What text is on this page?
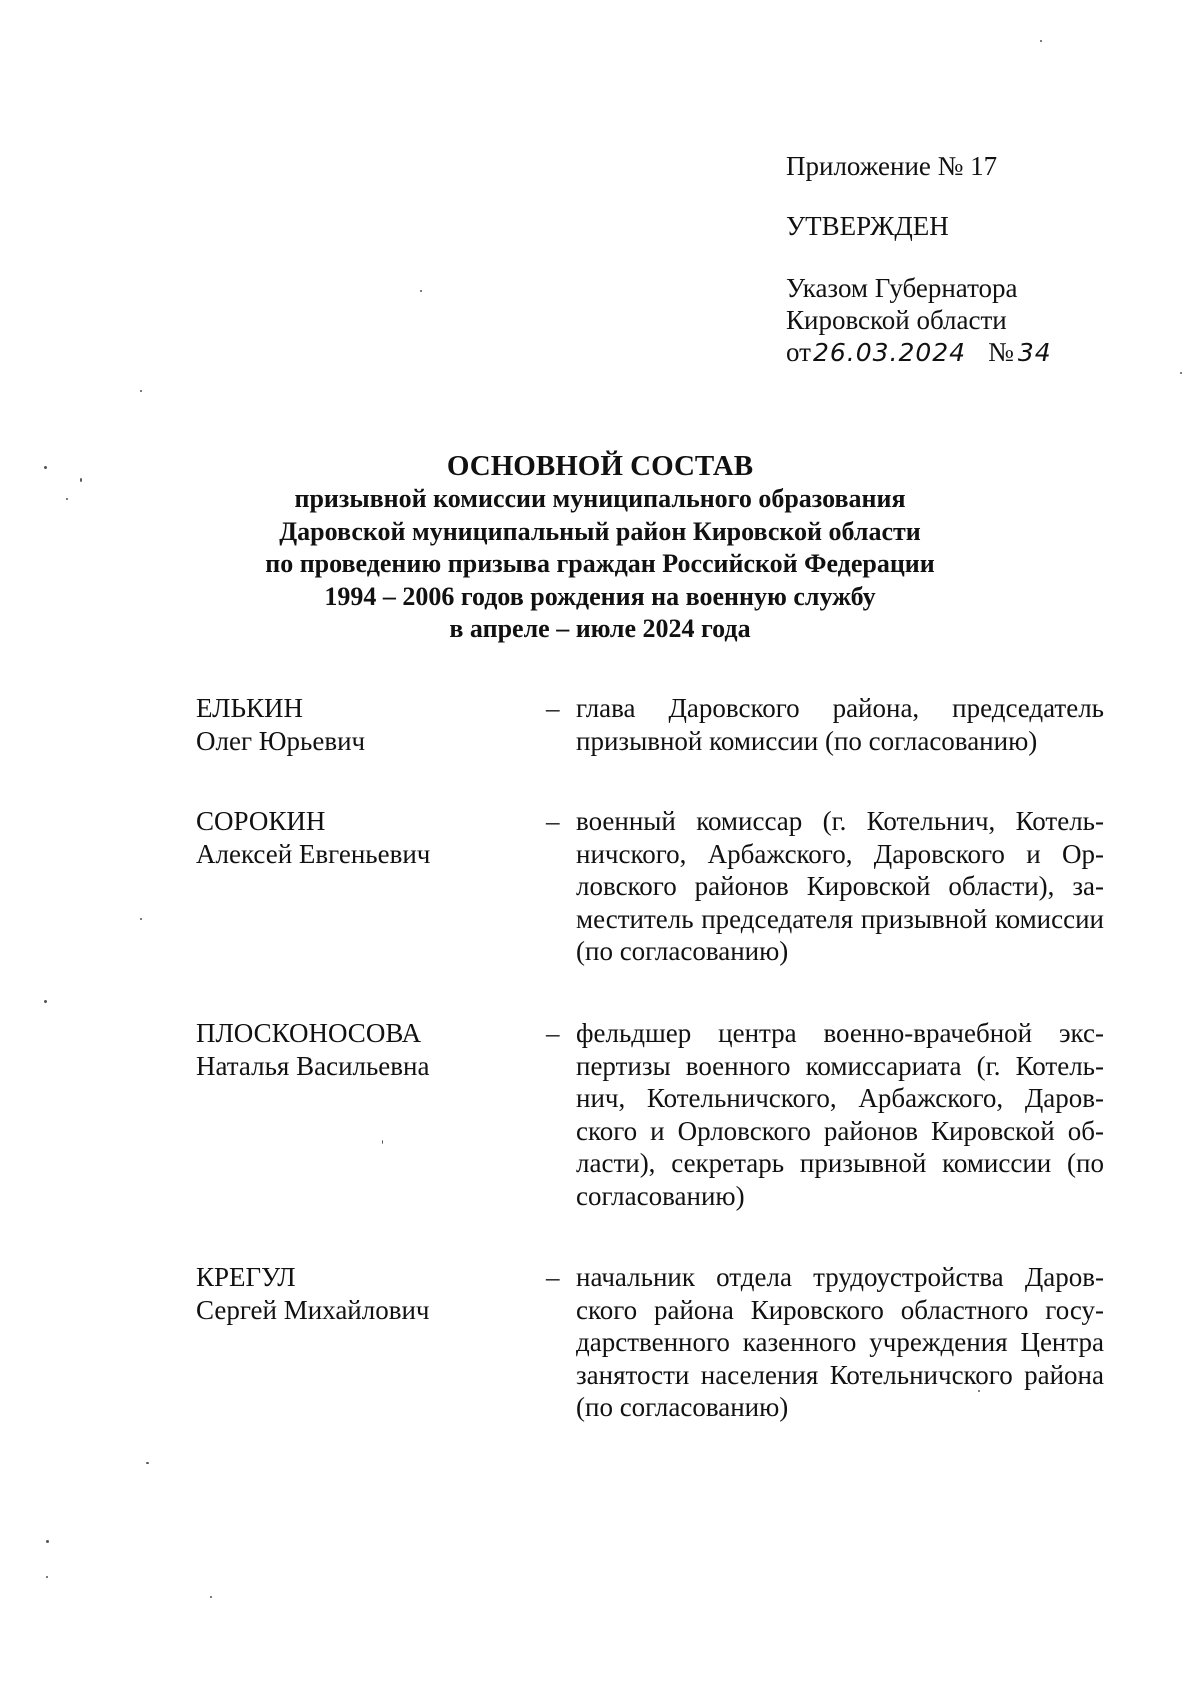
Приложение № 17
УТВЕРЖДЕН
Указом Губернатора
Кировской области
от26.03.2024 № 34
ОСНОВНОЙ СОСТАВ
призывной комиссии муниципального образования
Даровской муниципальный район Кировской области
по проведению призыва граждан Российской Федерации
1994 – 2006 годов рождения на военную службу
в апреле – июле 2024 года
ЕЛЬКИН
Олег Юрьевич
– глава Даровского района, председатель призывной комиссии (по согласованию)
СОРОКИН
Алексей Евгеньевич
– военный комиссар (г. Котельнич, Котельничского, Арбажского, Даровского и Орловского районов Кировской области), заместитель председателя призывной комиссии (по согласованию)
ПЛОСКОНОСОВА
Наталья Васильевна
– фельдшер центра военно-врачебной экспертизы военного комиссариата (г. Котельнич, Котельничского, Арбажского, Даровского и Орловского районов Кировской области), секретарь призывной комиссии (по согласованию)
КРЕГУЛ
Сергей Михайлович
– начальник отдела трудоустройства Даровского района Кировского областного государственного казенного учреждения Центра занятости населения Котельничского района (по согласованию)
